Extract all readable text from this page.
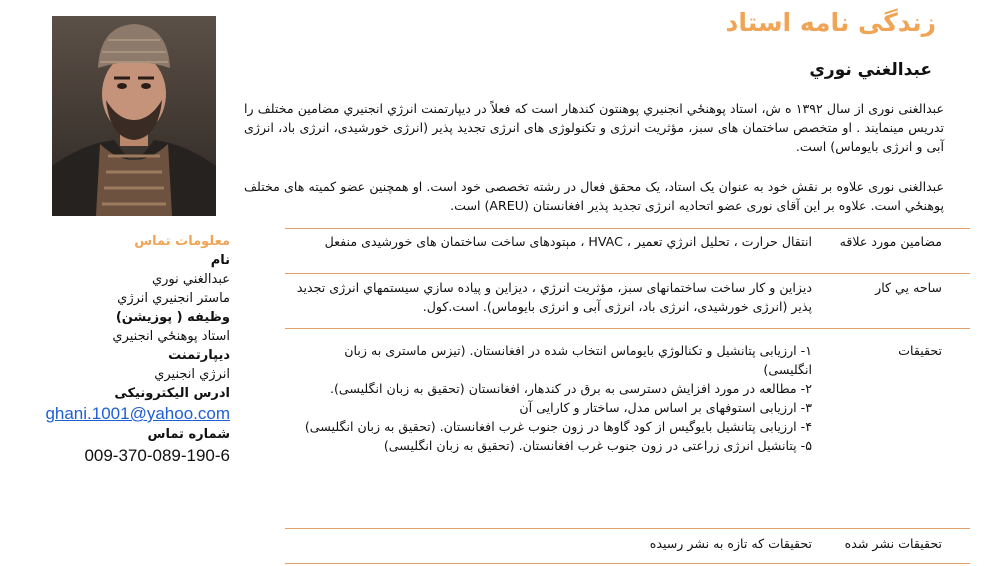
زندگی نامه استاد
عبدالغني نوري

عبدالغنی نوری از سال ۱۳۹۲ ه ش، استاد پوهنځي انجنيري پوهنتون کندهار است که فعلاً در ديپارتمنت انرژي انجنيري مضامين مختلف را تدريس مينمايند . او متخصص ساختمان های سبز، مؤثريت انرژی و تکنولوژی های انرژی تجديد پذير (انرژی خورشيدی، انرژی باد، انرژی آبی و انرژی بايوماس) است.

عبدالغنی نوری علاوه بر نقش خود به عنوان يک استاد، يک محقق فعال در رشته تخصصی خود است. او همچنين عضو کميته های مختلف پوهنځي است. علاوه بر اين آقای نوری عضو اتحاديه انرژی تجديد پذير افغانستان (AREU) است.

مضامين مورد علاقه
انتقال حرارت ، تحلیل انرژي تعمیر ، HVAC ، مېتودهای ساخت ساختمان های خورشیدی منفعل
ساحه يي کار
ديزاين و کار ساخت ساختمانهای سبز، مؤثريت انرژي ، ديزاين و پياده سازي سيستمهاي انرژی تجديد پذير (انرژی خورشيدی، انرژی باد، انرژی آبی و انرژی بايوماس). است.کول.
تحقیقات
۱- ارزیابی پتانشیل و تکنالوژي بایوماس انتخاب شده در افغانستان. (تیزس ماستری به زبان انگلیسی)
۲- مطالعه در مورد افزایش دسترسی به برق در کندهار، افغانستان (تحقیق به زبان انگلیسی).
۳- ارزیابی استوفهای بر اساس مدل، ساختار و کارایی آن
۴- ارزیابی پتانشیل بایوگیس از کود گاوها در زون جنوب غرب افغانستان. (تحقیق به زبان انگلیسی)
۵- پتانشیل انرژی زراعتی در زون جنوب غرب افغانستان. (تحقیق به زبان انگلیسی)
تحقیقات نشر شده
تحقیقات که تازه به نشر رسیده
معلومات تماس
نام
عبدالغني نوري
ماستر انجنیري انرژي
وظيفه ( پوزيشن)
استاد پوهنځي انجنيري
ديپارتمنت
انرژي انجنیري
ادرس اليکترونيکی
ghani.1001@yahoo.com
شماره تماس
009-370-089-190-6
